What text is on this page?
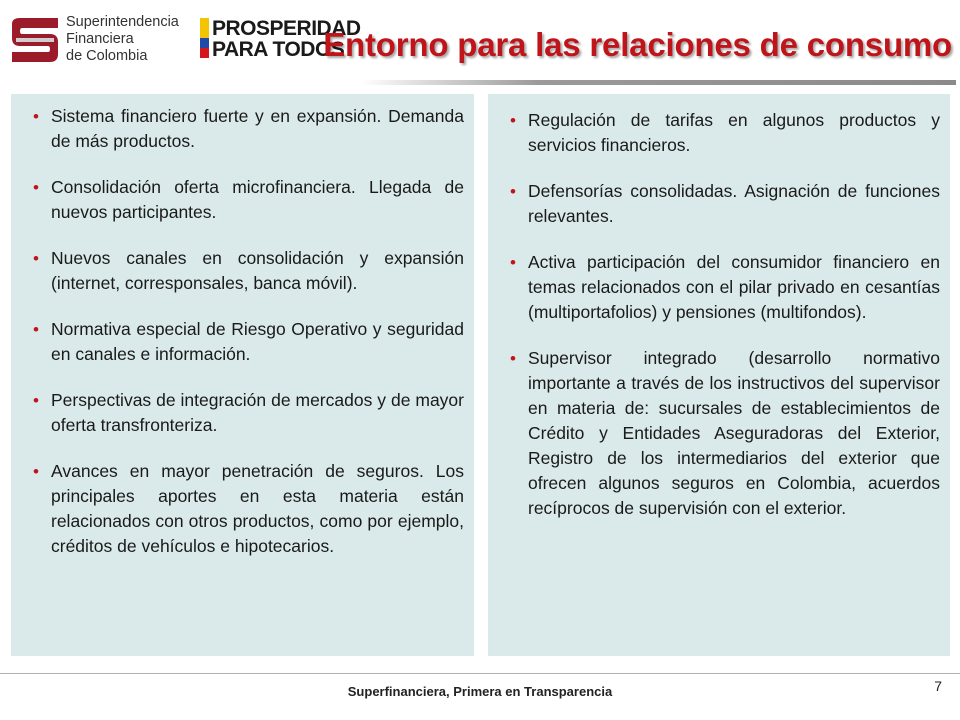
Superintendencia
Financiera
de Colombia
PROSPERIDAD
PARA TODOS
Entorno para las relaciones de consumo
• Sistema financiero fuerte y en expansión. Demanda de más productos.
• Consolidación oferta microfinanciera. Llegada de nuevos participantes.
• Nuevos canales en consolidación y expansión (internet, corresponsales, banca móvil).
• Normativa especial de Riesgo Operativo y seguridad en canales e información.
• Perspectivas de integración de mercados y de mayor oferta transfronteriza.
• Avances en mayor penetración de seguros. Los principales aportes en esta materia están relacionados con otros productos, como por ejemplo, créditos de vehículos e hipotecarios.
• Regulación de tarifas en algunos productos y servicios financieros.
• Defensorías consolidadas. Asignación de funciones relevantes.
• Activa participación del consumidor financiero en temas relacionados con el pilar privado en cesantías (multiportafolios) y pensiones (multifondos).
• Supervisor integrado (desarrollo normativo importante a través de los instructivos del supervisor en materia de: sucursales de establecimientos de Crédito y Entidades Aseguradoras del Exterior, Registro de los intermediarios del exterior que ofrecen algunos seguros en Colombia, acuerdos recíprocos de supervisión con el exterior.
Superfinanciera, Primera en Transparencia	7
